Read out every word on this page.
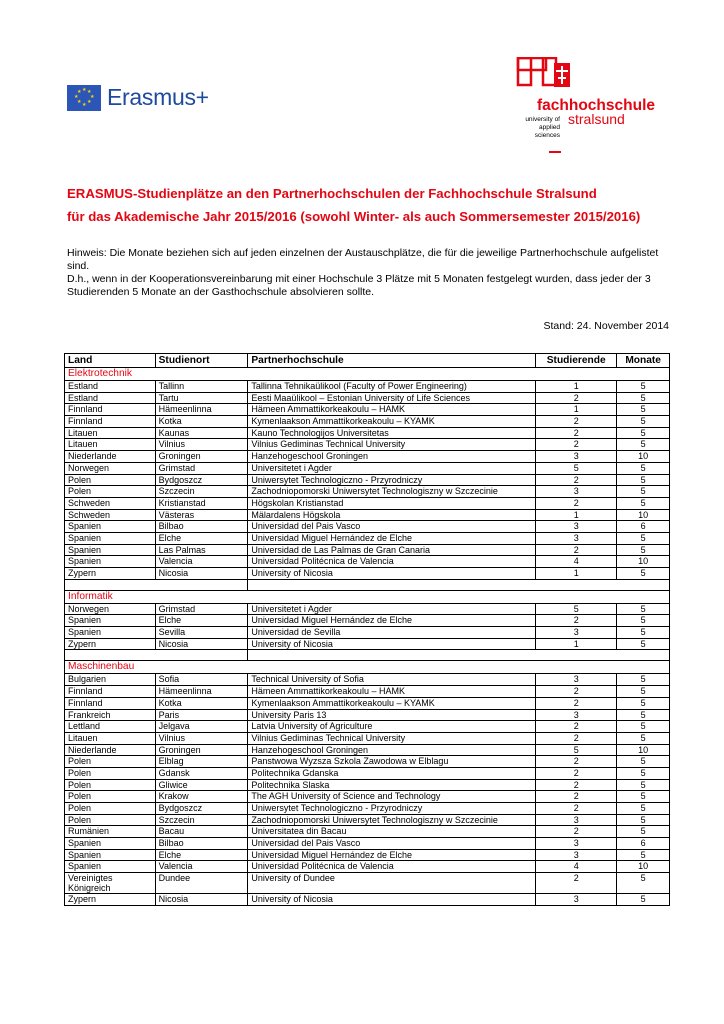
★ ★
★
★
★
★
★
★ Erasmus+	fachhochschule
university of
applied
sciences
stralsund
ERASMUS-Studienplätze an den Partnerhochschulen der Fachhochschule Stralsund
für das Akademische Jahr 2015/2016 (sowohl Winter- als auch Sommersemester 2015/2016)

Hinweis: Die Monate beziehen sich auf jeden einzelnen der Austauschplätze, die für die jeweilige Partnerhochschule aufgelistet sind.

D.h., wenn in der Kooperationsvereinbarung mit einer Hochschule 3 Plätze mit 5 Monaten festgelegt wurden, dass jeder der 3 Studierenden 5 Monate an der Gasthochschule absolvieren sollte.

Stand: 24. November 2014
Land	Studienort	Partnerhochschule	Studierende	Monate
Elektrotechnik				
Estland	Tallinn	Tallinna Tehnikaülikool (Faculty of Power Engineering)	1	5
Estland	Tartu	Eesti Maaülikool – Estonian University of Life Sciences	2	5
Finnland	Hämeenlinna	Hämeen Ammattikorkeakoulu – HAMK	1	5
Finnland	Kotka	Kymenlaakson Ammattikorkeakoulu – KYAMK	2	5
Litauen	Kaunas	Kauno Technologijos Universitetas	2	5
Litauen	Vilnius	Vilnius Gediminas Technical University	2	5
Niederlande	Groningen	Hanzehogeschool Groningen	3	10
Norwegen	Grimstad	Universitetet i Agder	5	5
Polen	Bydgoszcz	Uniwersytet Technologiczno - Przyrodniczy	2	5
Polen	Szczecin	Zachodniopomorski Uniwersytet Technologiszny w Szczecinie	3	5
Schweden	Kristianstad	Högskolan Kristianstad	2	5
Schweden	Västeras	Mälardalens Högskola	1	10
Spanien	Bilbao	Universidad del Pais Vasco	3	6
Spanien	Elche	Universidad Miguel Hernández de Elche	3	5
Spanien	Las Palmas	Universidad de Las Palmas de Gran Canaria	2	5
Spanien	Valencia	Universidad Politécnica de Valencia	4	10
Zypern	Nicosia	University of Nicosia	1	5

Informatik				
Norwegen	Grimstad	Universitetet i Agder	5	5
Spanien	Elche	Universidad Miguel Hernández de Elche	2	5
Spanien	Sevilla	Universidad de Sevilla	3	5
Zypern	Nicosia	University of Nicosia	1	5

Maschinenbau				
Bulgarien	Sofia	Technical University of Sofia	3	5
Finnland	Hämeenlinna	Hämeen Ammattikorkeakoulu – HAMK	2	5
Finnland	Kotka	Kymenlaakson Ammattikorkeakoulu – KYAMK	2	5
Frankreich	Paris	University Paris 13	3	5
Lettland	Jelgava	Latvia University of Agriculture	2	5
Litauen	Vilnius	Vilnius Gediminas Technical University	2	5
Niederlande	Groningen	Hanzehogeschool Groningen	5	10
Polen	Elblag	Panstwowa Wyzsza Szkola Zawodowa w Elblagu	2	5
Polen	Gdansk	Politechnika Gdanska	2	5
Polen	Gliwice	Politechnika Slaska	2	5
Polen	Krakow	The AGH University of Science and Technology	2	5
Polen	Bydgoszcz	Uniwersytet Technologiczno - Przyrodniczy	2	5
Polen	Szczecin	Zachodniopomorski Uniwersytet Technologiszny w Szczecinie	3	5
Rumänien	Bacau	Universitatea din Bacau	2	5
Spanien	Bilbao	Universidad del Pais Vasco	3	6
Spanien	Elche	Universidad Miguel Hernández de Elche	3	5
Spanien	Valencia	Universidad Politécnica de Valencia	4	10
Vereinigtes Königreich	Dundee	University of Dundee	2	5
Zypern	Nicosia	University of Nicosia	3	5
